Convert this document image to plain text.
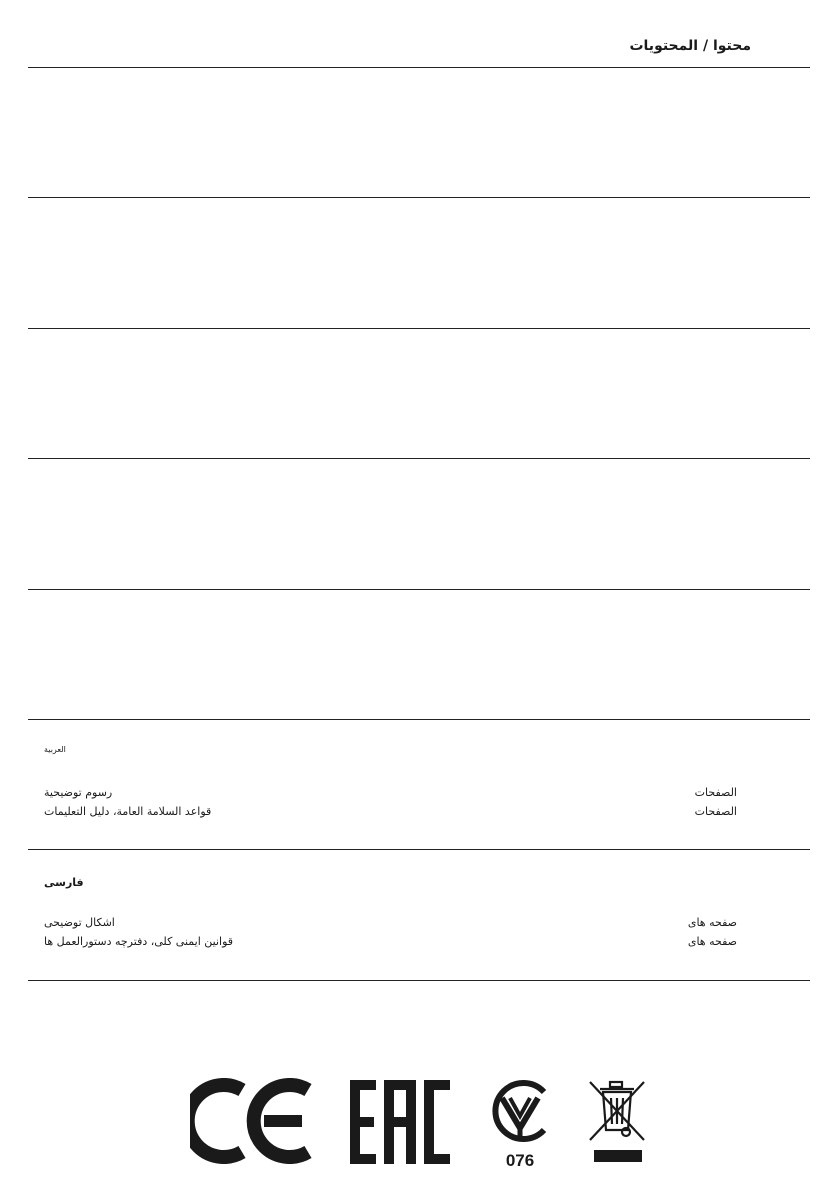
محتوا / المحتويات
العربية
رسوم توضيحية	الصفحات
قواعد السلامة العامة، دليل التعليمات	الصفحات
فارسی
اشکال توضیحی	صفحه های
قوانین ایمنی کلی، دفترچه دستورالعمل ها	صفحه های
076
